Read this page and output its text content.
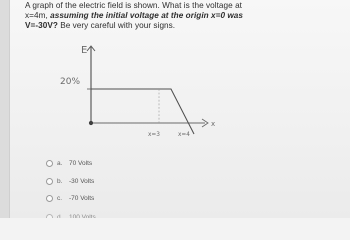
A graph of the electric field is shown. What is the voltage at
x=4m, assuming the initial voltage at the origin x=0 was
V=-30V? Be very careful with your signs.
E
20%
x
x=3	x=4
a.	70 Volts
b.	-30 Volts
c.	-70 Volts
d.	100 Volts
